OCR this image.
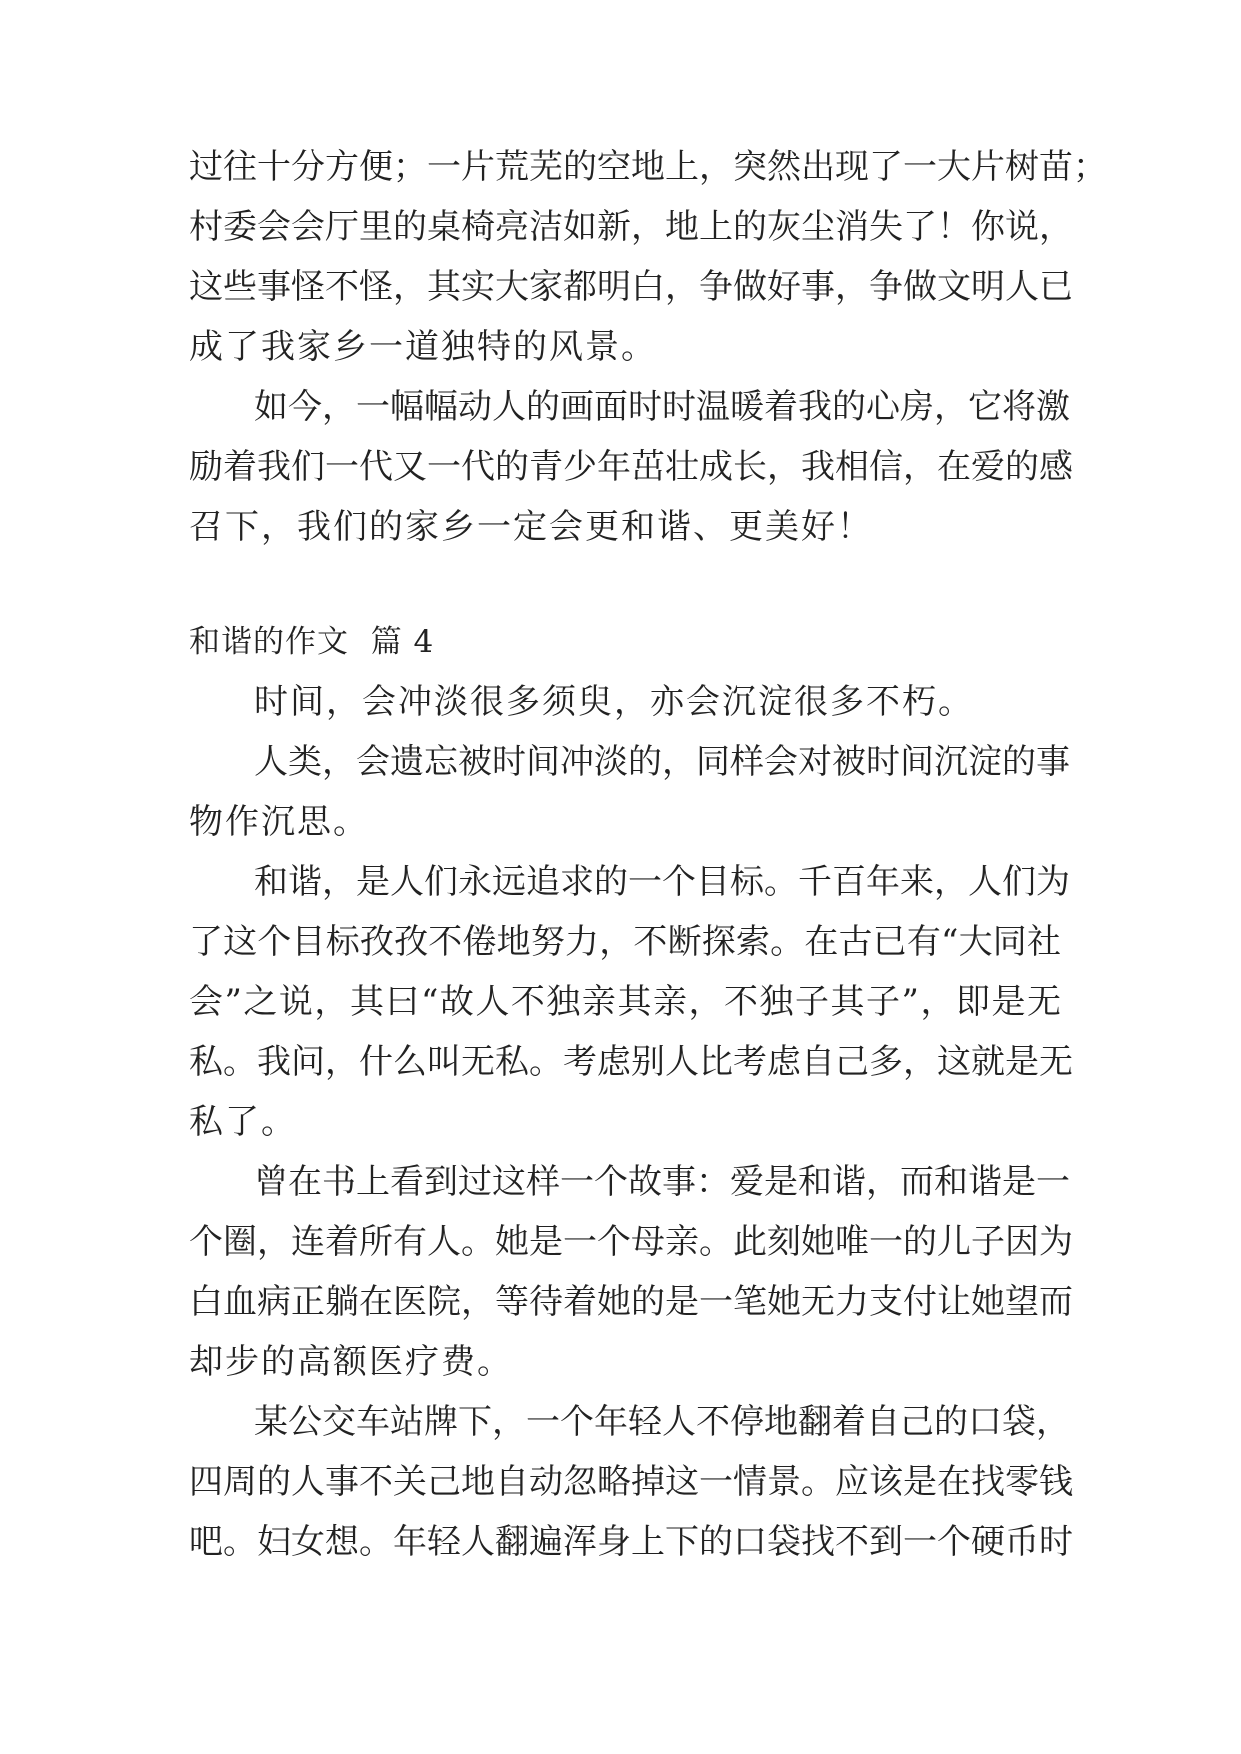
过往十分方便；一片荒芜的空地上，突然出现了一大片树苗；
村委会会厅里的桌椅亮洁如新，地上的灰尘消失了！你说，
这些事怪不怪，其实大家都明白，争做好事，争做文明人已
成了我家乡一道独特的风景。
如今，一幅幅动人的画面时时温暖着我的心房，它将激
励着我们一代又一代的青少年茁壮成长，我相信，在爱的感
召下，我们的家乡一定会更和谐、更美好！
和谐的作文  篇 4
时间，会冲淡很多须臾，亦会沉淀很多不朽。
人类，会遗忘被时间冲淡的，同样会对被时间沉淀的事
物作沉思。
和谐，是人们永远追求的一个目标。千百年来，人们为
了这个目标孜孜不倦地努力，不断探索。在古已有“大同社
会”之说，其曰“故人不独亲其亲，不独子其子”，即是无
私。我问，什么叫无私。考虑别人比考虑自己多，这就是无
私了。
曾在书上看到过这样一个故事：爱是和谐，而和谐是一
个圈，连着所有人。她是一个母亲。此刻她唯一的儿子因为
白血病正躺在医院，等待着她的是一笔她无力支付让她望而
却步的高额医疗费。
某公交车站牌下，一个年轻人不停地翻着自己的口袋，
四周的人事不关己地自动忽略掉这一情景。应该是在找零钱
吧。妇女想。年轻人翻遍浑身上下的口袋找不到一个硬币时
